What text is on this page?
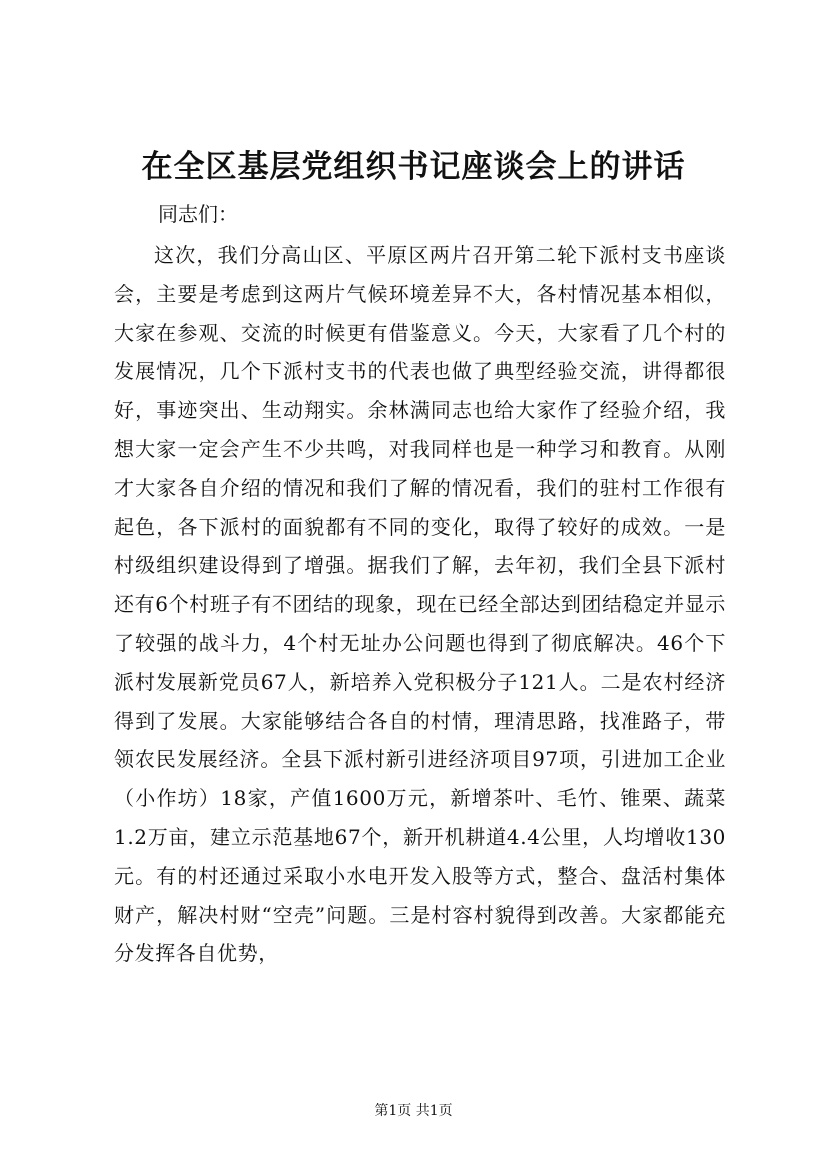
在全区基层党组织书记座谈会上的讲话
同志们：

这次，我们分高山区、平原区两片召开第二轮下派村支书座谈会，主要是考虑到这两片气候环境差异不大，各村情况基本相似，大家在参观、交流的时候更有借鉴意义。今天，大家看了几个村的发展情况，几个下派村支书的代表也做了典型经验交流，讲得都很好，事迹突出、生动翔实。余林满同志也给大家作了经验介绍，我想大家一定会产生不少共鸣，对我同样也是一种学习和教育。从刚才大家各自介绍的情况和我们了解的情况看，我们的驻村工作很有起色，各下派村的面貌都有不同的变化，取得了较好的成效。一是村级组织建设得到了增强。据我们了解，去年初，我们全县下派村还有6个村班子有不团结的现象，现在已经全部达到团结稳定并显示了较强的战斗力，4个村无址办公问题也得到了彻底解决。46个下派村发展新党员67人，新培养入党积极分子121人。二是农村经济得到了发展。大家能够结合各自的村情，理清思路，找准路子，带领农民发展经济。全县下派村新引进经济项目97项，引进加工企业（小作坊）18家，产值1600万元，新增茶叶、毛竹、锥栗、蔬菜1.2万亩，建立示范基地67个，新开机耕道4.4公里，人均增收130元。有的村还通过采取小水电开发入股等方式，整合、盘活村集体财产，解决村财“空壳”问题。三是村容村貌得到改善。大家都能充分发挥各自优势，

第1页 共1页
